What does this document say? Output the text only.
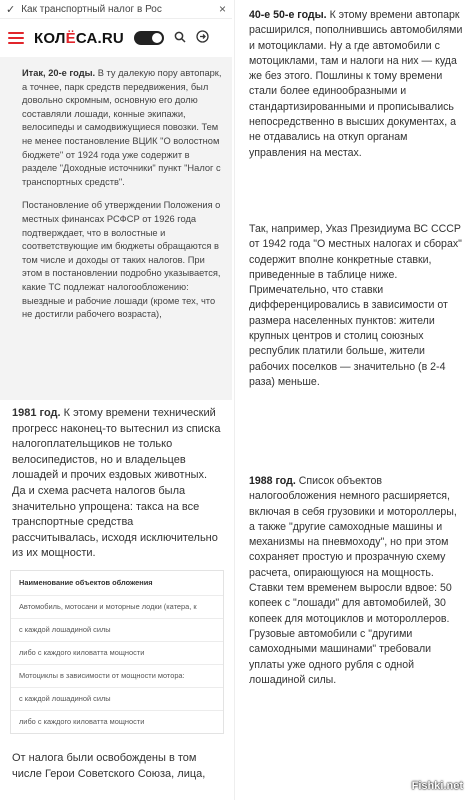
✓ Как транспортный налог в Рос	×
КОЛЁСА.RU

Итак, 20-е годы. В ту далекую пору автопарк, а точнее, парк средств передвижения, был довольно скромным, основную его долю составляли лошади, конные экипажи, велосипеды и самодвижущиеся повозки. Тем не менее постановление ВЦИК "О волостном бюджете" от 1924 года уже содержит в разделе "Доходные источники" пункт "Налог с транспортных средств".

Постановление об утверждении Положения о местных финансах РСФСР от 1926 года подтверждает, что в волостные и соответствующие им бюджеты обращаются в том числе и доходы от таких налогов. При этом в постановлении подробно указывается, какие ТС подлежат налогообложению: выездные и рабочие лошади (кроме тех, что не достигли рабочего возраста),

1981 год. К этому времени технический прогресс наконец-то вытеснил из списка налогоплательщиков не только велосипедистов, но и владельцев лошадей и прочих ездовых животных. Да и схема расчета налогов была значительно упрощена: такса на все транспортные средства рассчитывалась, исходя исключительно из их мощности.

Наименование объектов обложения
Автомобиль, мотосани и моторные лодки (катера, к
с каждой лошадиной силы
либо с каждого киловатта мощности
Мотоциклы в зависимости от мощности мотора:
с каждой лошадиной силы
либо с каждого киловатта мощности

От налога были освобождены в том числе Герои Советского Союза, лица,

40-е 50-е годы. К этому времени автопарк расширился, пополнившись автомобилями и мотоциклами. Ну а где автомобили с мотоциклами, там и налоги на них — куда же без этого. Пошлины к тому времени стали более единообразными и стандартизированными и прописывались непосредственно в высших документах, а не отдавались на откуп органам управления на местах.

Так, например, Указ Президиума ВС СССР от 1942 года "О местных налогах и сборах" содержит вполне конкретные ставки, приведенные в таблице ниже. Примечательно, что ставки дифференцировались в зависимости от размера населенных пунктов: жители крупных центров и столиц союзных республик платили больше, жители рабочих поселков — значительно (в 2-4 раза) меньше.

1988 год. Список объектов налогообложения немного расширяется, включая в себя грузовики и мотороллеры, а также "другие самоходные машины и механизмы на пневмоходу", но при этом сохраняет простую и прозрачную схему расчета, опирающуюся на мощность. Ставки тем временем выросли вдвое: 50 копеек с "лошади" для автомобилей, 30 копеек для мотоциклов и мотороллеров. Грузовые автомобили с "другими самоходными машинами" требовали уплаты уже одного рубля с одной лошадиной силы.

Fishki.net
